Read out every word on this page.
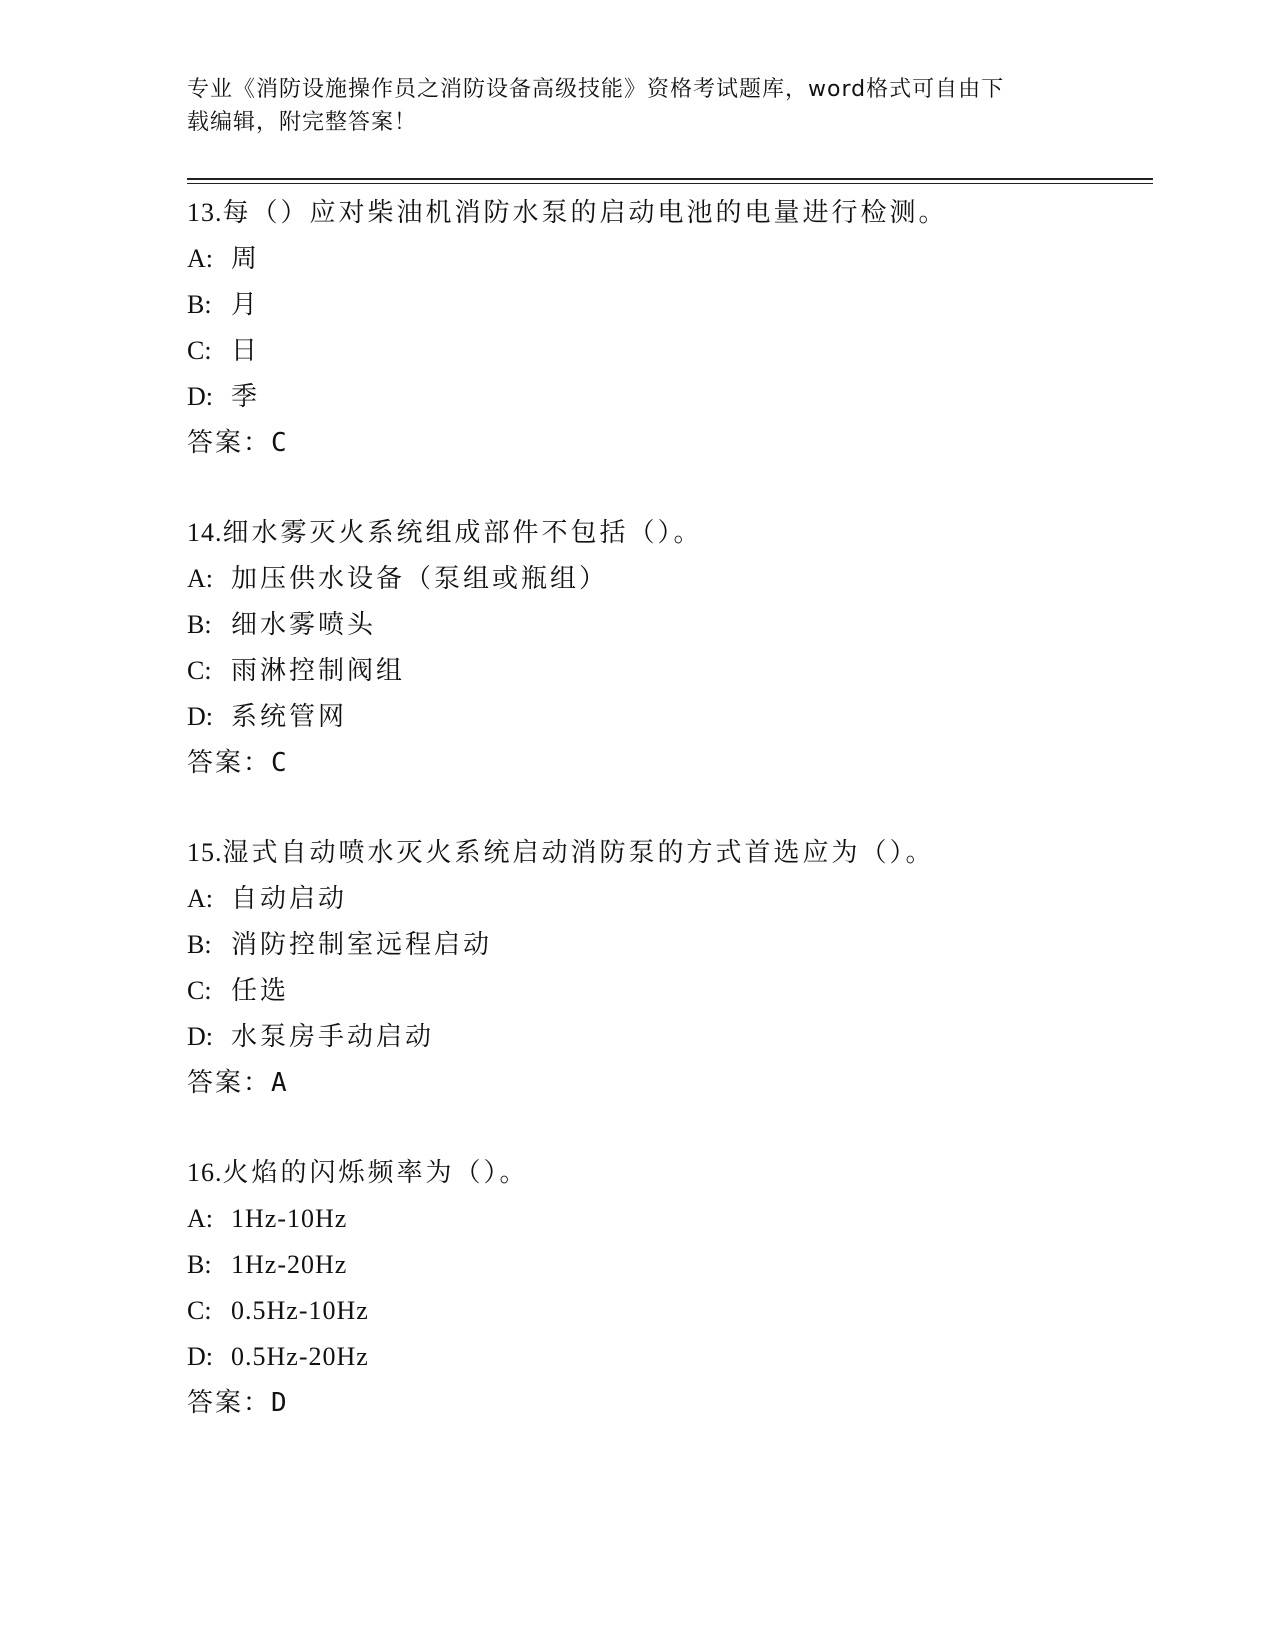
专业《消防设施操作员之消防设备高级技能》资格考试题库，word格式可自由下
载编辑，附完整答案！
13.每（）应对柴油机消防水泵的启动电池的电量进行检测。
A: 周
B: 月
C: 日
D: 季
答案：C
14.细水雾灭火系统组成部件不包括（）。
A: 加压供水设备（泵组或瓶组）
B: 细水雾喷头
C: 雨淋控制阀组
D: 系统管网
答案：C
15.湿式自动喷水灭火系统启动消防泵的方式首选应为（）。
A: 自动启动
B: 消防控制室远程启动
C: 任选
D: 水泵房手动启动
答案：A
16.火焰的闪烁频率为（）。
A: 1Hz-10Hz
B: 1Hz-20Hz
C: 0.5Hz-10Hz
D: 0.5Hz-20Hz
答案：D
